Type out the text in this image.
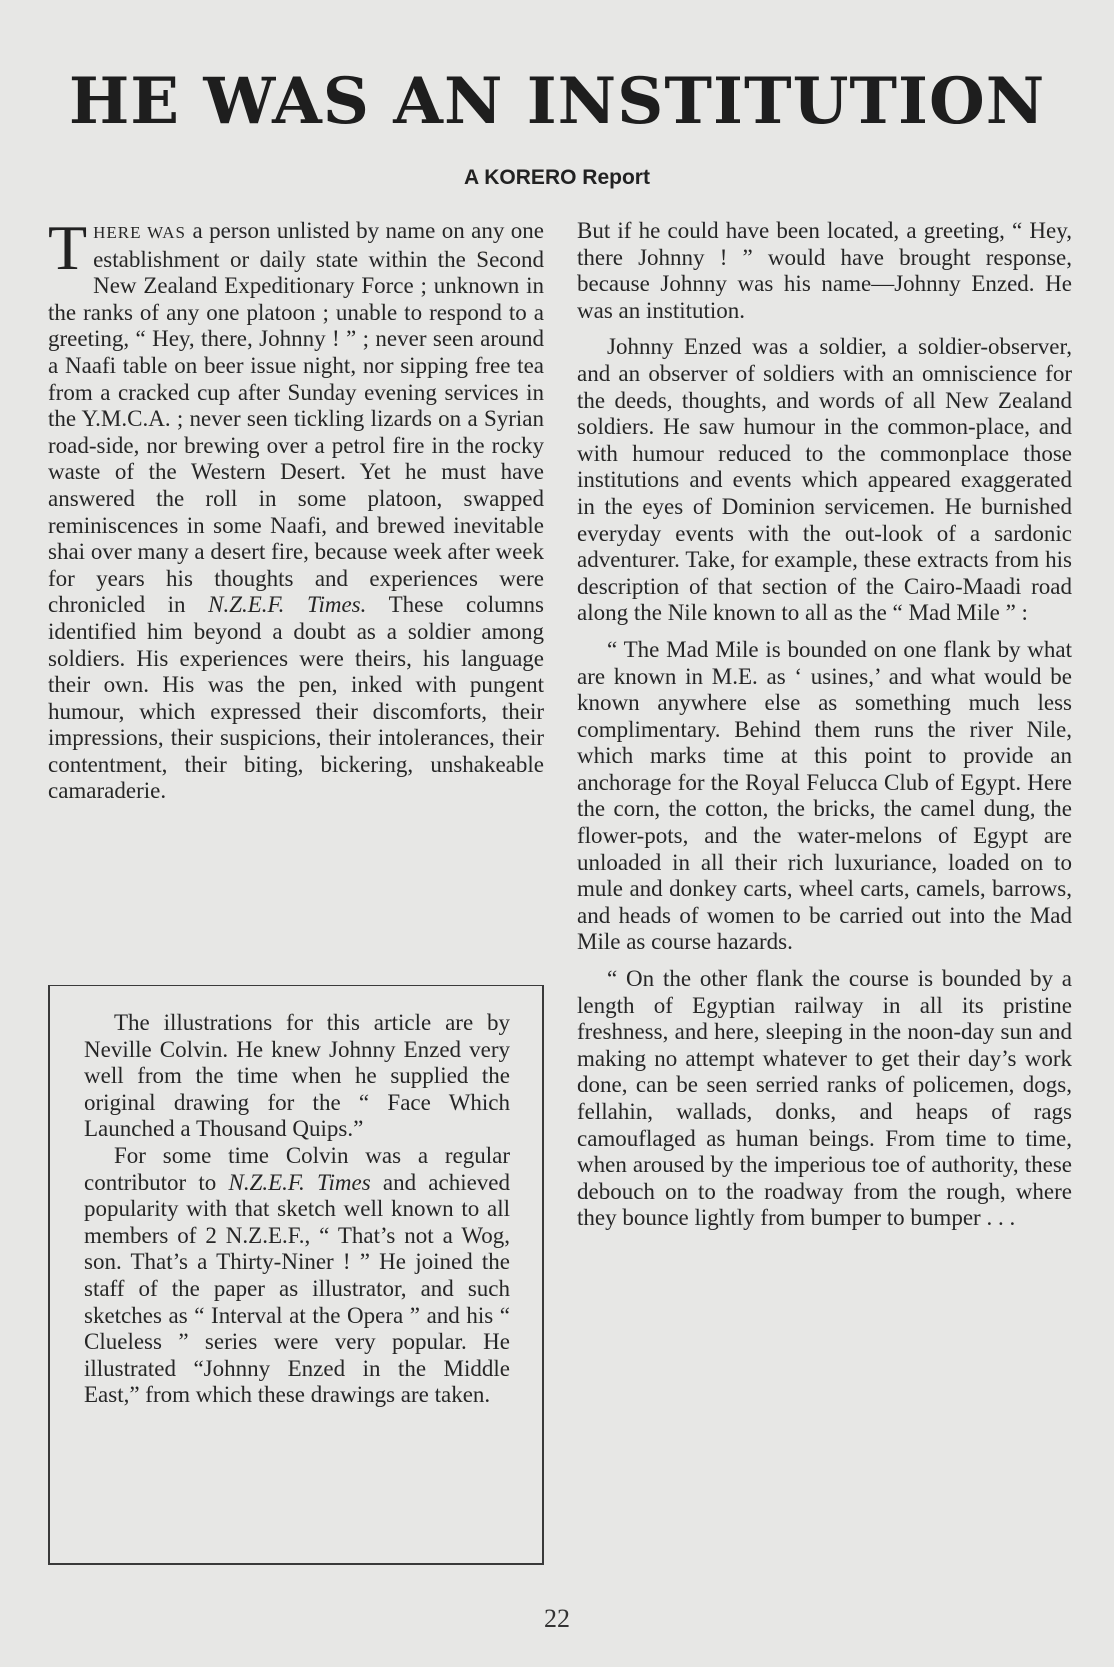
HE WAS AN INSTITUTION
A KORERO Report

THERE WAS a person unlisted by name on any one establishment or daily state within the Second New Zealand Expeditionary Force ; unknown in the ranks of any one platoon ; unable to respond to a greeting, “ Hey, there, Johnny ! ” ; never seen around a Naafi table on beer issue night, nor sipping free tea from a cracked cup after Sunday evening services in the Y.M.C.A. ; never seen tickling lizards on a Syrian road-side, nor brewing over a petrol fire in the rocky waste of the Western Desert. Yet he must have answered the roll in some platoon, swapped reminiscences in some Naafi, and brewed inevitable shai over many a desert fire, because week after week for years his thoughts and experiences were chronicled in N.Z.E.F. Times. These columns identified him beyond a doubt as a soldier among soldiers. His experiences were theirs, his language their own. His was the pen, inked with pungent humour, which expressed their discomforts, their impressions, their suspicions, their intolerances, their contentment, their biting, bickering, unshakeable camaraderie.

The illustrations for this article are by Neville Colvin. He knew Johnny Enzed very well from the time when he supplied the original drawing for the “ Face Which Launched a Thousand Quips.”

For some time Colvin was a regular contributor to N.Z.E.F. Times and achieved popularity with that sketch well known to all members of 2 N.Z.E.F., “ That’s not a Wog, son. That’s a Thirty-Niner ! ” He joined the staff of the paper as illustrator, and such sketches as “ Interval at the Opera ” and his “ Clueless ” series were very popular. He illustrated “Johnny Enzed in the Middle East,” from which these drawings are taken.

But if he could have been located, a greeting, “ Hey, there Johnny ! ” would have brought response, because Johnny was his name—Johnny Enzed. He was an institution.

Johnny Enzed was a soldier, a soldier-observer, and an observer of soldiers with an omniscience for the deeds, thoughts, and words of all New Zealand soldiers. He saw humour in the common-place, and with humour reduced to the commonplace those institutions and events which appeared exaggerated in the eyes of Dominion servicemen. He burnished everyday events with the out-look of a sardonic adventurer. Take, for example, these extracts from his description of that section of the Cairo-Maadi road along the Nile known to all as the “ Mad Mile ” :

“ The Mad Mile is bounded on one flank by what are known in M.E. as ‘ usines,’ and what would be known anywhere else as something much less complimentary. Behind them runs the river Nile, which marks time at this point to provide an anchorage for the Royal Felucca Club of Egypt. Here the corn, the cotton, the bricks, the camel dung, the flower-pots, and the water-melons of Egypt are unloaded in all their rich luxuriance, loaded on to mule and donkey carts, wheel carts, camels, barrows, and heads of women to be carried out into the Mad Mile as course hazards.

“ On the other flank the course is bounded by a length of Egyptian railway in all its pristine freshness, and here, sleeping in the noon-day sun and making no attempt whatever to get their day’s work done, can be seen serried ranks of policemen, dogs, fellahin, wallads, donks, and heaps of rags camouflaged as human beings. From time to time, when aroused by the imperious toe of authority, these debouch on to the roadway from the rough, where they bounce lightly from bumper to bumper . . .

22
